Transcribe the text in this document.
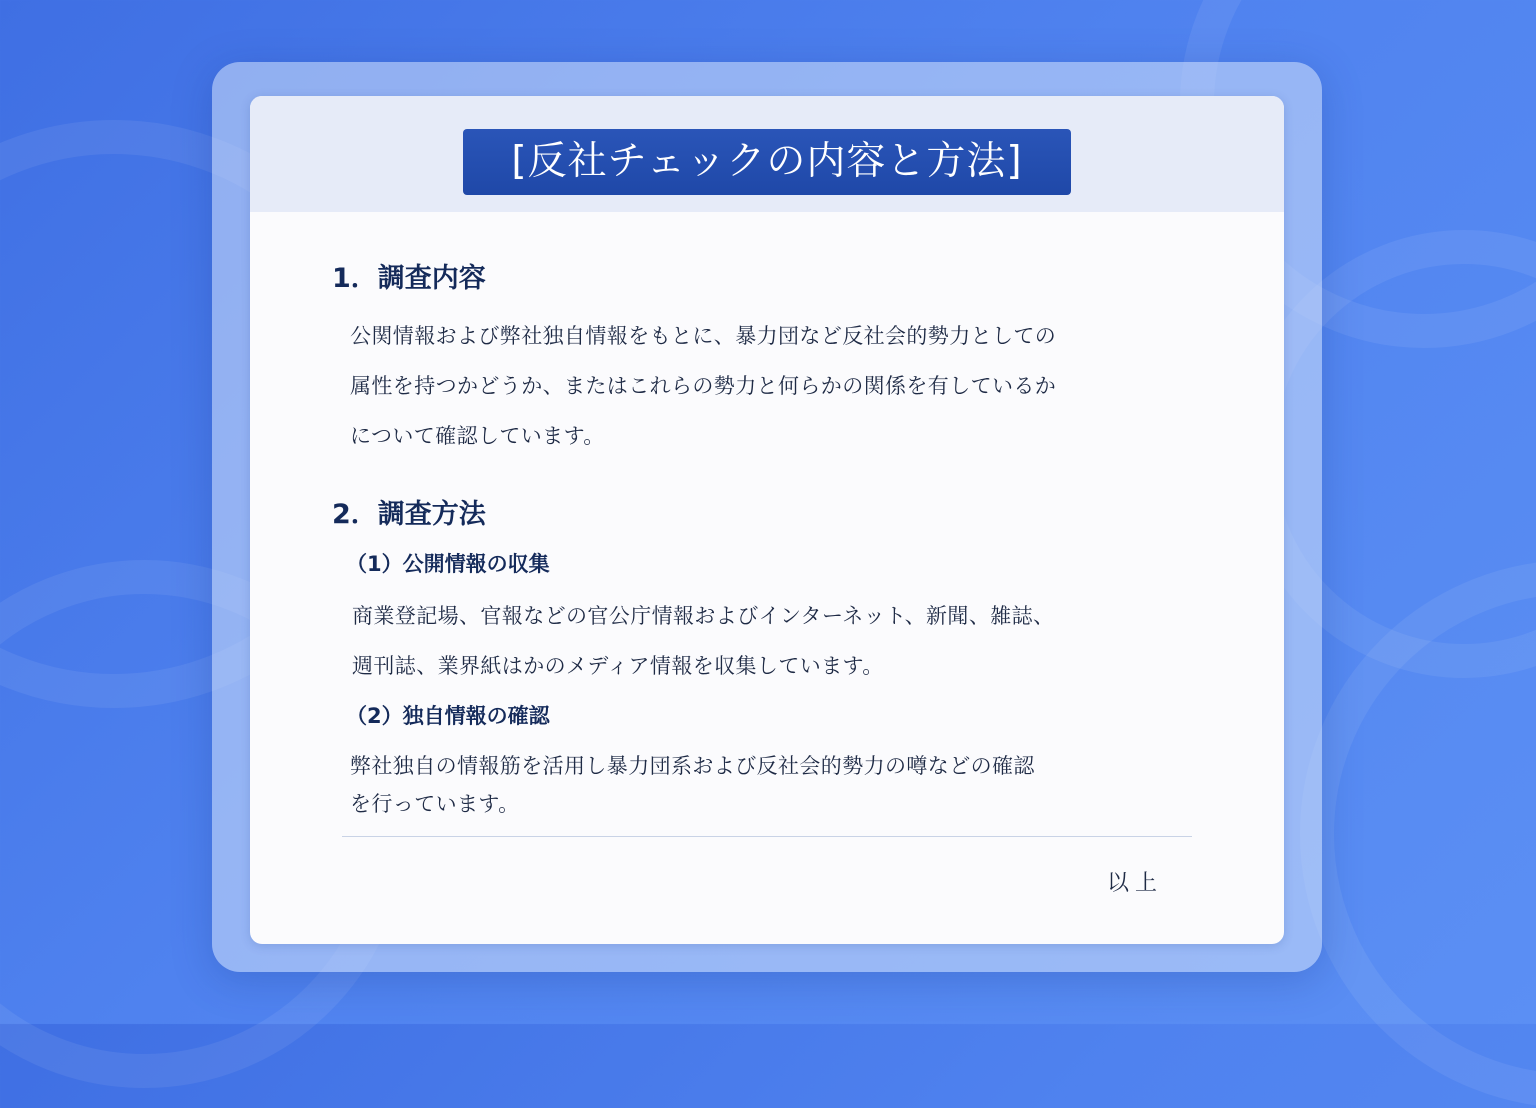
[反社チェックの内容と方法]
1．調査内容
公関情報および弊社独自情報をもとに、暴力団など反社会的勢力としての
属性を持つかどうか、またはこれらの勢力と何らかの関係を有しているか
について確認しています。
2．調査方法
（1）公開情報の収集
商業登記場、官報などの官公庁情報およびインターネット、新聞、雑誌、
週刊誌、業界紙はかのメディア情報を収集しています。
（2）独自情報の確認
弊社独自の情報筋を活用し暴力団系および反社会的勢力の噂などの確認
を行っています。
以上
